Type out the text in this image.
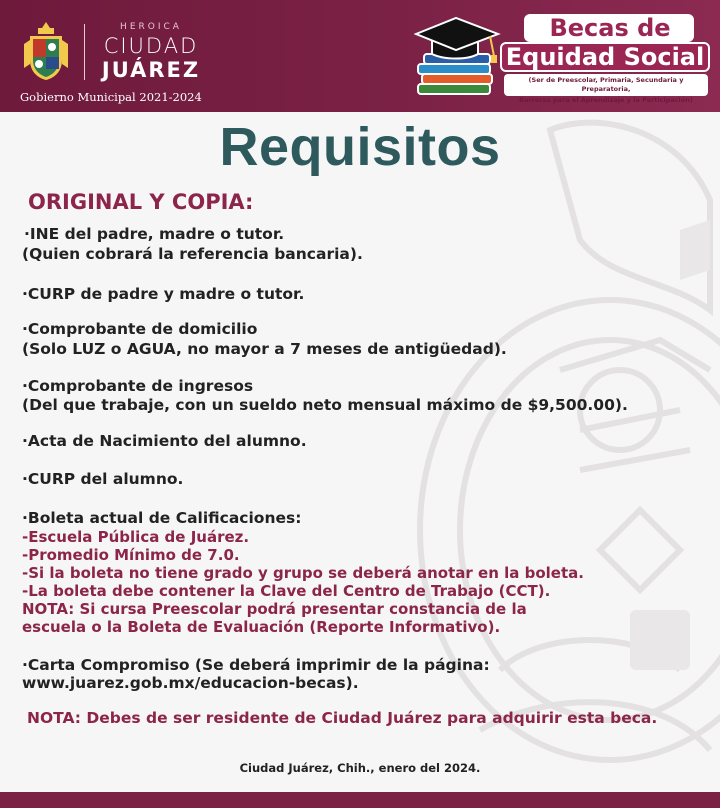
HEROICA
CIUDAD
JUÁREZ
Gobierno Municipal 2021-2024
Becas de
Equidad Social
(Ser de Preescolar, Primaria, Secundaria y Preparatoria,
Barreras para el Aprendizaje y la Participación)
Requisitos
ORIGINAL Y COPIA:
·INE del padre, madre o tutor.
(Quien cobrará la referencia bancaria).
·CURP de padre y madre o tutor.
·Comprobante de domicilio
(Solo LUZ o AGUA, no mayor a 7 meses de antigüedad).
·Comprobante de ingresos
(Del que trabaje, con un sueldo neto mensual máximo de $9,500.00).
·Acta de Nacimiento del alumno.
·CURP del alumno.
·Boleta actual de Calificaciones:
-Escuela Pública de Juárez.
-Promedio Mínimo de 7.0.
-Si la boleta no tiene grado y grupo se deberá anotar en la boleta.
-La boleta debe contener la Clave del Centro de Trabajo (CCT).
NOTA: Si cursa Preescolar podrá presentar constancia de la
escuela o la Boleta de Evaluación (Reporte Informativo).
·Carta Compromiso (Se deberá imprimir de la página:
www.juarez.gob.mx/educacion-becas).
NOTA: Debes de ser residente de Ciudad Juárez para adquirir esta beca.
Ciudad Juárez, Chih., enero del 2024.
